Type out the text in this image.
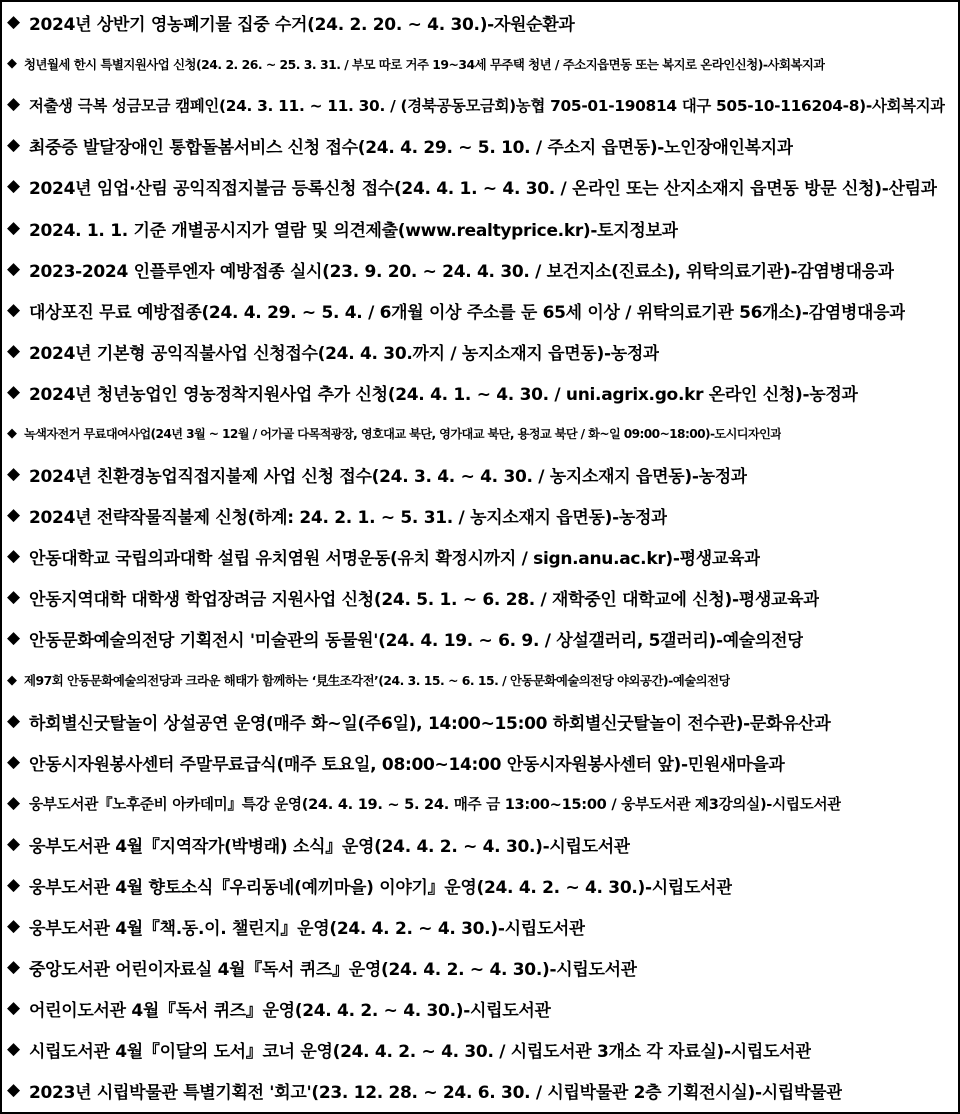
◆ 2024년 상반기 영농폐기물 집중 수거(24. 2. 20. ~ 4. 30.)-자원순환과
◆ 청년월세 한시 특별지원사업 신청(24. 2. 26. ~ 25. 3. 31. / 부모 따로 거주 19~34세 무주택 청년 / 주소지읍면동 또는 복지로 온라인신청)-사회복지과
◆ 저출생 극복 성금모금 캠페인(24. 3. 11. ~ 11. 30. / (경북공동모금회)농협 705-01-190814 대구 505-10-116204-8)-사회복지과
◆ 최중증 발달장애인 통합돌봄서비스 신청 접수(24. 4. 29. ~ 5. 10. / 주소지 읍면동)-노인장애인복지과
◆ 2024년 임업·산림 공익직접지불금 등록신청 접수(24. 4. 1. ~ 4. 30. / 온라인 또는 산지소재지 읍면동 방문 신청)-산림과
◆ 2024. 1. 1. 기준 개별공시지가 열람 및 의견제출(www.realtyprice.kr)-토지정보과
◆ 2023-2024 인플루엔자 예방접종 실시(23. 9. 20. ~ 24. 4. 30. / 보건지소(진료소), 위탁의료기관)-감염병대응과
◆ 대상포진 무료 예방접종(24. 4. 29. ~ 5. 4. / 6개월 이상 주소를 둔 65세 이상 / 위탁의료기관 56개소)-감염병대응과
◆ 2024년 기본형 공익직불사업 신청접수(24. 4. 30.까지 / 농지소재지 읍면동)-농정과
◆ 2024년 청년농업인 영농정착지원사업 추가 신청(24. 4. 1. ~ 4. 30. / uni.agrix.go.kr 온라인 신청)-농정과
◆ 녹색자전거 무료대여사업(24년 3월 ~ 12월 / 어가골 다목적광장, 영호대교 북단, 영가대교 북단, 용정교 북단 / 화~일 09:00~18:00)-도시디자인과
◆ 2024년 친환경농업직접지불제 사업 신청 접수(24. 3. 4. ~ 4. 30. / 농지소재지 읍면동)-농정과
◆ 2024년 전략작물직불제 신청(하계: 24. 2. 1. ~ 5. 31. / 농지소재지 읍면동)-농정과
◆ 안동대학교 국립의과대학 설립 유치염원 서명운동(유치 확정시까지 / sign.anu.ac.kr)-평생교육과
◆ 안동지역대학 대학생 학업장려금 지원사업 신청(24. 5. 1. ~ 6. 28. / 재학중인 대학교에 신청)-평생교육과
◆ 안동문화예술의전당 기획전시 '미술관의 동물원'(24. 4. 19. ~ 6. 9. / 상설갤러리, 5갤러리)-예술의전당
◆ 제97회 안동문화예술의전당과 크라운 해태가 함께하는 ‘見生조각전’(24. 3. 15. ~ 6. 15. / 안동문화예술의전당 야외공간)-예술의전당
◆ 하회별신굿탈놀이 상설공연 운영(매주 화~일(주6일), 14:00~15:00 하회별신굿탈놀이 전수관)-문화유산과
◆ 안동시자원봉사센터 주말무료급식(매주 토요일, 08:00~14:00 안동시자원봉사센터 앞)-민원새마을과
◆ 웅부도서관『노후준비 아카데미』특강 운영(24. 4. 19. ~ 5. 24. 매주 금 13:00~15:00 / 웅부도서관 제3강의실)-시립도서관
◆ 웅부도서관 4월『지역작가(박병래) 소식』운영(24. 4. 2. ~ 4. 30.)-시립도서관
◆ 웅부도서관 4월 향토소식『우리동네(예끼마을) 이야기』운영(24. 4. 2. ~ 4. 30.)-시립도서관
◆ 웅부도서관 4월『책.동.이. 챌린지』운영(24. 4. 2. ~ 4. 30.)-시립도서관
◆ 중앙도서관 어린이자료실 4월『독서 퀴즈』운영(24. 4. 2. ~ 4. 30.)-시립도서관
◆ 어린이도서관 4월『독서 퀴즈』운영(24. 4. 2. ~ 4. 30.)-시립도서관
◆ 시립도서관 4월『이달의 도서』코너 운영(24. 4. 2. ~ 4. 30. / 시립도서관 3개소 각 자료실)-시립도서관
◆ 2023년 시립박물관 특별기획전 '회고'(23. 12. 28. ~ 24. 6. 30. / 시립박물관 2층 기획전시실)-시립박물관
